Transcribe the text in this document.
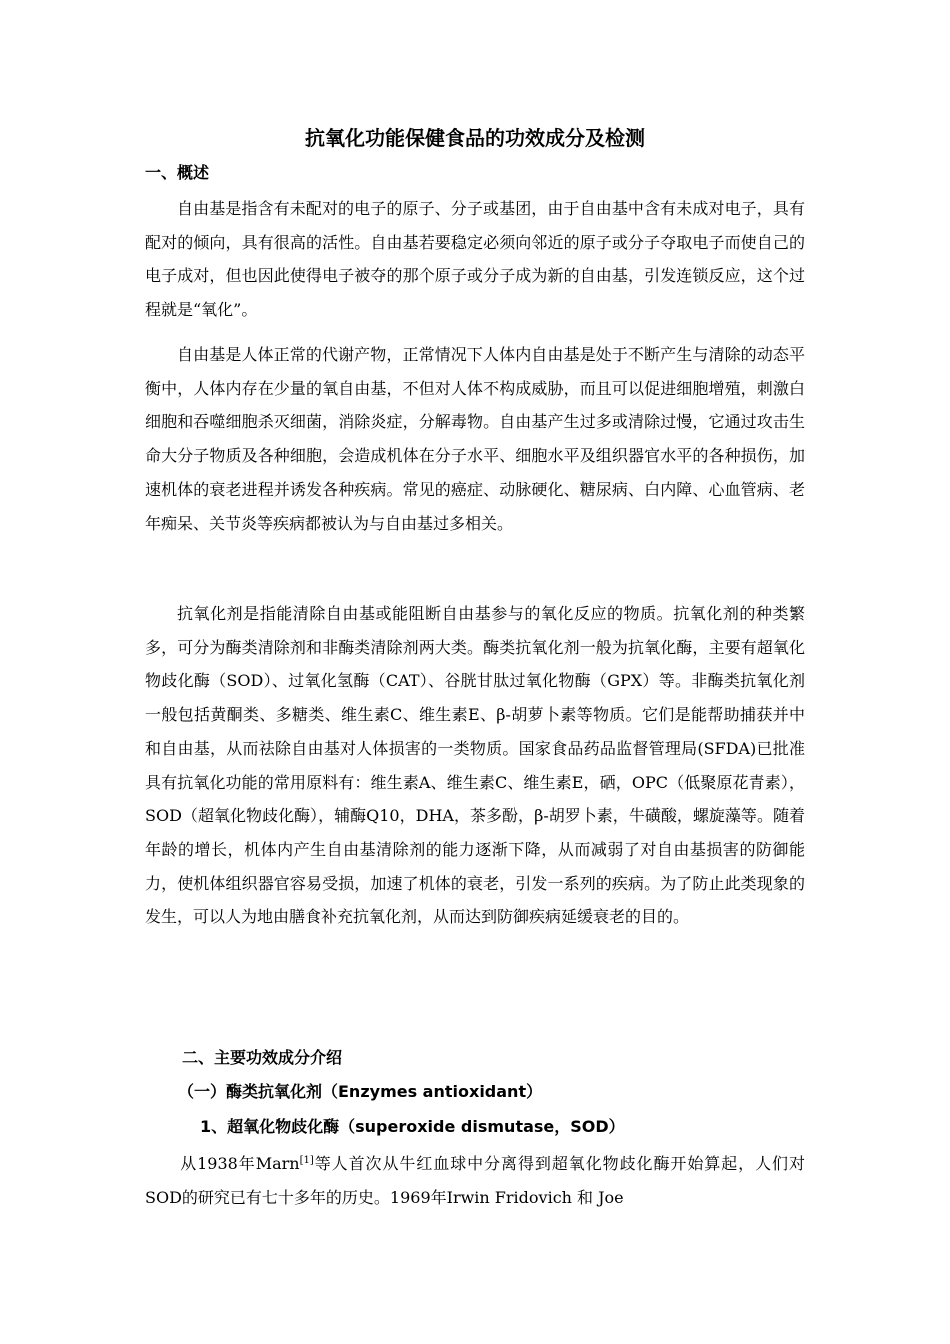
抗氧化功能保健食品的功效成分及检测
一、概述

自由基是指含有未配对的电子的原子、分子或基团，由于自由基中含有未成对电子，具有配对的倾向，具有很高的活性。自由基若要稳定必须向邻近的原子或分子夺取电子而使自己的电子成对，但也因此使得电子被夺的那个原子或分子成为新的自由基，引发连锁反应，这个过程就是“氧化”。

自由基是人体正常的代谢产物，正常情况下人体内自由基是处于不断产生与清除的动态平衡中，人体内存在少量的氧自由基，不但对人体不构成威胁，而且可以促进细胞增殖，刺激白细胞和吞噬细胞杀灭细菌，消除炎症，分解毒物。自由基产生过多或清除过慢，它通过攻击生命大分子物质及各种细胞，会造成机体在分子水平、细胞水平及组织器官水平的各种损伤，加速机体的衰老进程并诱发各种疾病。常见的癌症、动脉硬化、糖尿病、白内障、心血管病、老年痴呆、关节炎等疾病都被认为与自由基过多相关。

抗氧化剂是指能清除自由基或能阻断自由基参与的氧化反应的物质。抗氧化剂的种类繁多，可分为酶类清除剂和非酶类清除剂两大类。酶类抗氧化剂一般为抗氧化酶，主要有超氧化物歧化酶（SOD）、过氧化氢酶（CAT）、谷胱甘肽过氧化物酶（GPX）等。非酶类抗氧化剂一般包括黄酮类、多糖类、维生素C、维生素E、β-胡萝卜素等物质。它们是能帮助捕获并中和自由基，从而祛除自由基对人体损害的一类物质。国家食品药品监督管理局(SFDA)已批准具有抗氧化功能的常用原料有：维生素A、维生素C、维生素E，硒，OPC（低聚原花青素），SOD（超氧化物歧化酶），辅酶Q10，DHA，茶多酚，β-胡罗卜素，牛磺酸，螺旋藻等。随着年龄的增长，机体内产生自由基清除剂的能力逐渐下降，从而减弱了对自由基损害的防御能力，使机体组织器官容易受损，加速了机体的衰老，引发一系列的疾病。为了防止此类现象的发生，可以人为地由膳食补充抗氧化剂，从而达到防御疾病延缓衰老的目的。

二、主要功效成分介绍
（一）酶类抗氧化剂（Enzymes antioxidant）
1、超氧化物歧化酶（superoxide dismutase，SOD）

从1938年Marn[1]等人首次从牛红血球中分离得到超氧化物歧化酶开始算起，人们对SOD的研究已有七十多年的历史。1969年Irwin Fridovich 和 Joe
